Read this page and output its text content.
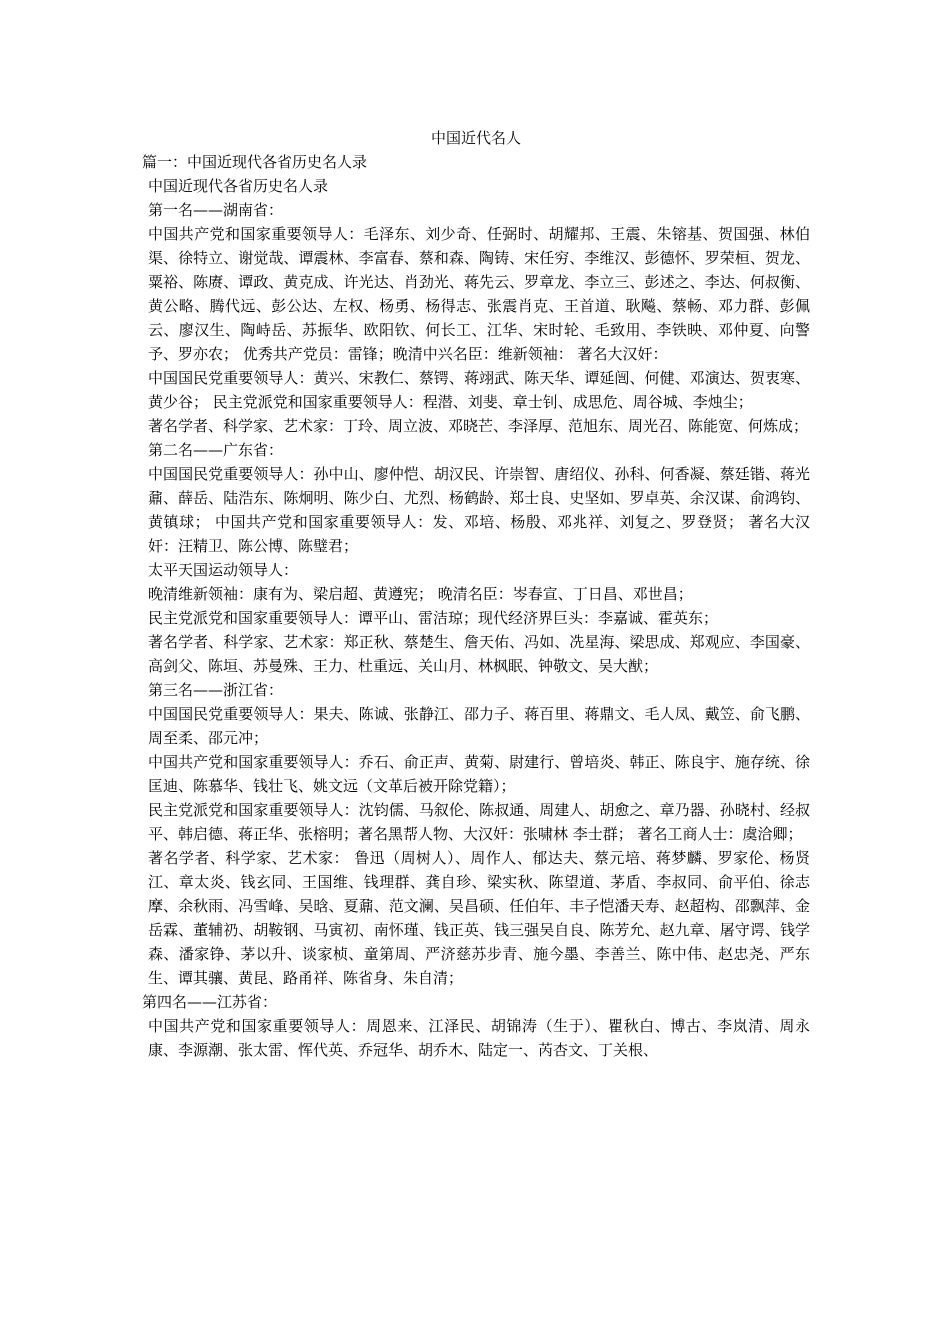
中国近代名人

篇一：中国近现代各省历史名人录

中国近现代各省历史名人录

第一名——湖南省：

中国共产党和国家重要领导人：毛泽东、刘少奇、任弼时、胡耀邦、王震、朱镕基、贺国强、林伯渠、徐特立、谢觉哉、谭震林、李富春、蔡和森、陶铸、宋任穷、李维汉、彭德怀、罗荣桓、贺龙、粟裕、陈赓、谭政、黄克成、许光达、肖劲光、蒋先云、罗章龙、李立三、彭述之、李达、何叔衡、黄公略、腾代远、彭公达、左权、杨勇、杨得志、张震肖克、王首道、耿飚、蔡畅、邓力群、彭佩云、廖汉生、陶峙岳、苏振华、欧阳钦、何长工、江华、宋时轮、毛致用、李铁映、邓仲夏、向警予、罗亦农； 优秀共产党员：雷锋；晚清中兴名臣：维新领袖： 著名大汉奸：

中国国民党重要领导人：黄兴、宋教仁、蔡锷、蒋翊武、陈天华、谭延闿、何健、邓演达、贺衷寒、黄少谷； 民主党派党和国家重要领导人：程潜、刘斐、章士钊、成思危、周谷城、李烛尘；

著名学者、科学家、艺术家：丁玲、周立波、邓晓芒、李泽厚、范旭东、周光召、陈能宽、何炼成；

第二名——广东省：

中国国民党重要领导人：孙中山、廖仲恺、胡汉民、许崇智、唐绍仪、孙科、何香凝、蔡廷锴、蒋光鼐、薛岳、陆浩东、陈炯明、陈少白、尤烈、杨鹤龄、郑士良、史坚如、罗卓英、余汉谋、俞鸿钧、黄镇球； 中国共产党和国家重要领导人：发、邓培、杨殷、邓兆祥、刘复之、罗登贤； 著名大汉奸：汪精卫、陈公博、陈璧君；

太平天国运动领导人：

晚清维新领袖：康有为、梁启超、黄遵宪； 晚清名臣：岑春宣、丁日昌、邓世昌；

民主党派党和国家重要领导人：谭平山、雷洁琼；现代经济界巨头：李嘉诚、霍英东；

著名学者、科学家、艺术家：郑正秋、蔡楚生、詹天佑、冯如、冼星海、梁思成、郑观应、李国豪、高剑父、陈垣、苏曼殊、王力、杜重远、关山月、林枫眠、钟敬文、吴大猷；

第三名——浙江省：

中国国民党重要领导人：果夫、陈诚、张静江、邵力子、蒋百里、蒋鼎文、毛人凤、戴笠、俞飞鹏、周至柔、邵元冲；

中国共产党和国家重要领导人：乔石、俞正声、黄菊、尉建行、曾培炎、韩正、陈良宇、施存统、徐匡迪、陈慕华、钱壮飞、姚文远（文革后被开除党籍）；

民主党派党和国家重要领导人：沈钧儒、马叙伦、陈叔通、周建人、胡愈之、章乃器、孙晓村、经叔平、韩启德、蒋正华、张榕明；著名黑帮人物、大汉奸：张啸林 李士群； 著名工商人士：虞洽卿；

著名学者、科学家、艺术家： 鲁迅（周树人）、周作人、郁达夫、蔡元培、蒋梦麟、罗家伦、杨贤江、章太炎、钱玄同、王国维、钱理群、龚自珍、梁实秋、陈望道、茅盾、李叔同、俞平伯、徐志摩、余秋雨、冯雪峰、吴晗、夏鼐、范文澜、吴昌硕、任伯年、丰子恺潘天寿、赵超构、邵飘萍、金岳霖、董辅礽、胡鞍钢、马寅初、南怀瑾、钱正英、钱三强吴自良、陈芳允、赵九章、屠守谔、钱学森、潘家铮、茅以升、谈家桢、童第周、严济慈苏步青、施今墨、李善兰、陈中伟、赵忠尧、严东生、谭其骧、黄昆、路甬祥、陈省身、朱自清；

第四名——江苏省：

中国共产党和国家重要领导人：周恩来、江泽民、胡锦涛（生于）、瞿秋白、博古、李岚清、周永康、李源潮、张太雷、恽代英、乔冠华、胡乔木、陆定一、芮杏文、丁关根、
